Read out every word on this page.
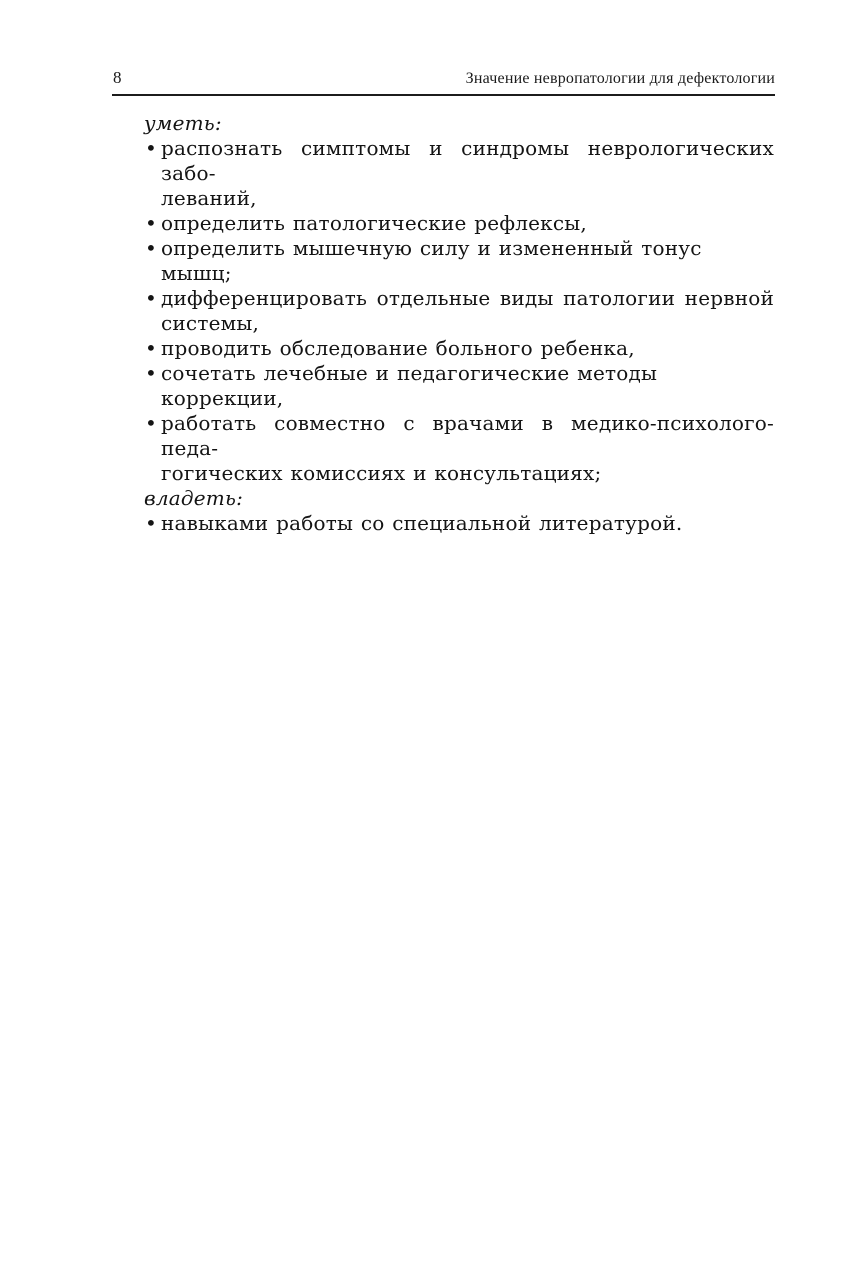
8	Значение невропатологии для дефектологии
уметь:
• распознать симптомы и синдромы неврологических забо-
леваний,
• определить патологические рефлексы,
• определить мышечную силу и измененный тонус мышц;
• дифференцировать отдельные виды патологии нервной
системы,
• проводить обследование больного ребенка,
• сочетать лечебные и педагогические методы коррекции,
• работать совместно с врачами в медико-психолого-педа-
гогических комиссиях и консультациях;
владеть:
• навыками работы со специальной литературой.
